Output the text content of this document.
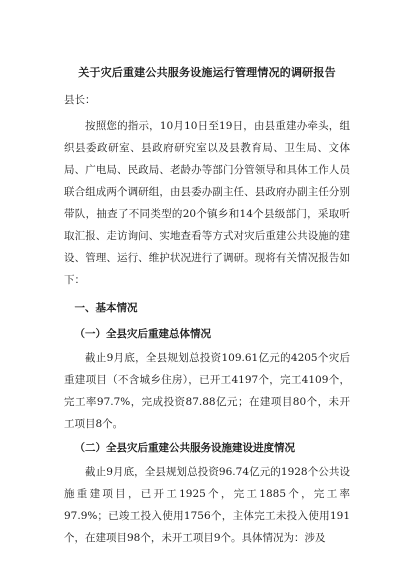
关于灾后重建公共服务设施运行管理情况的调研报告
县长：

按照您的指示，10月10日至19日，由县重建办牵头，组织县委政研室、县政府研究室以及县教育局、卫生局、文体局、广电局、民政局、老龄办等部门分管领导和具体工作人员联合组成两个调研组，由县委办副主任、县政府办副主任分别带队，抽查了不同类型的20个镇乡和14个县级部门，采取听取汇报、走访询问、实地查看等方式对灾后重建公共设施的建设、管理、运行、维护状况进行了调研。现将有关情况报告如下：

一、基本情况
（一）全县灾后重建总体情况

截止9月底，全县规划总投资109.61亿元的4205个灾后重建项目（不含城乡住房），已开工4197个，完工4109个，完工率97.7%，完成投资87.88亿元；在建项目80个，未开工项目8个。

（二）全县灾后重建公共服务设施建设进度情况

截止9月底，全县规划总投资96.74亿元的1928个公共设施重建项目，已开工1925个，完工1885个，完工率97.9%；已竣工投入使用1756个，主体完工未投入使用191个，在建项目98个，未开工项目9个。具体情况为：涉及
